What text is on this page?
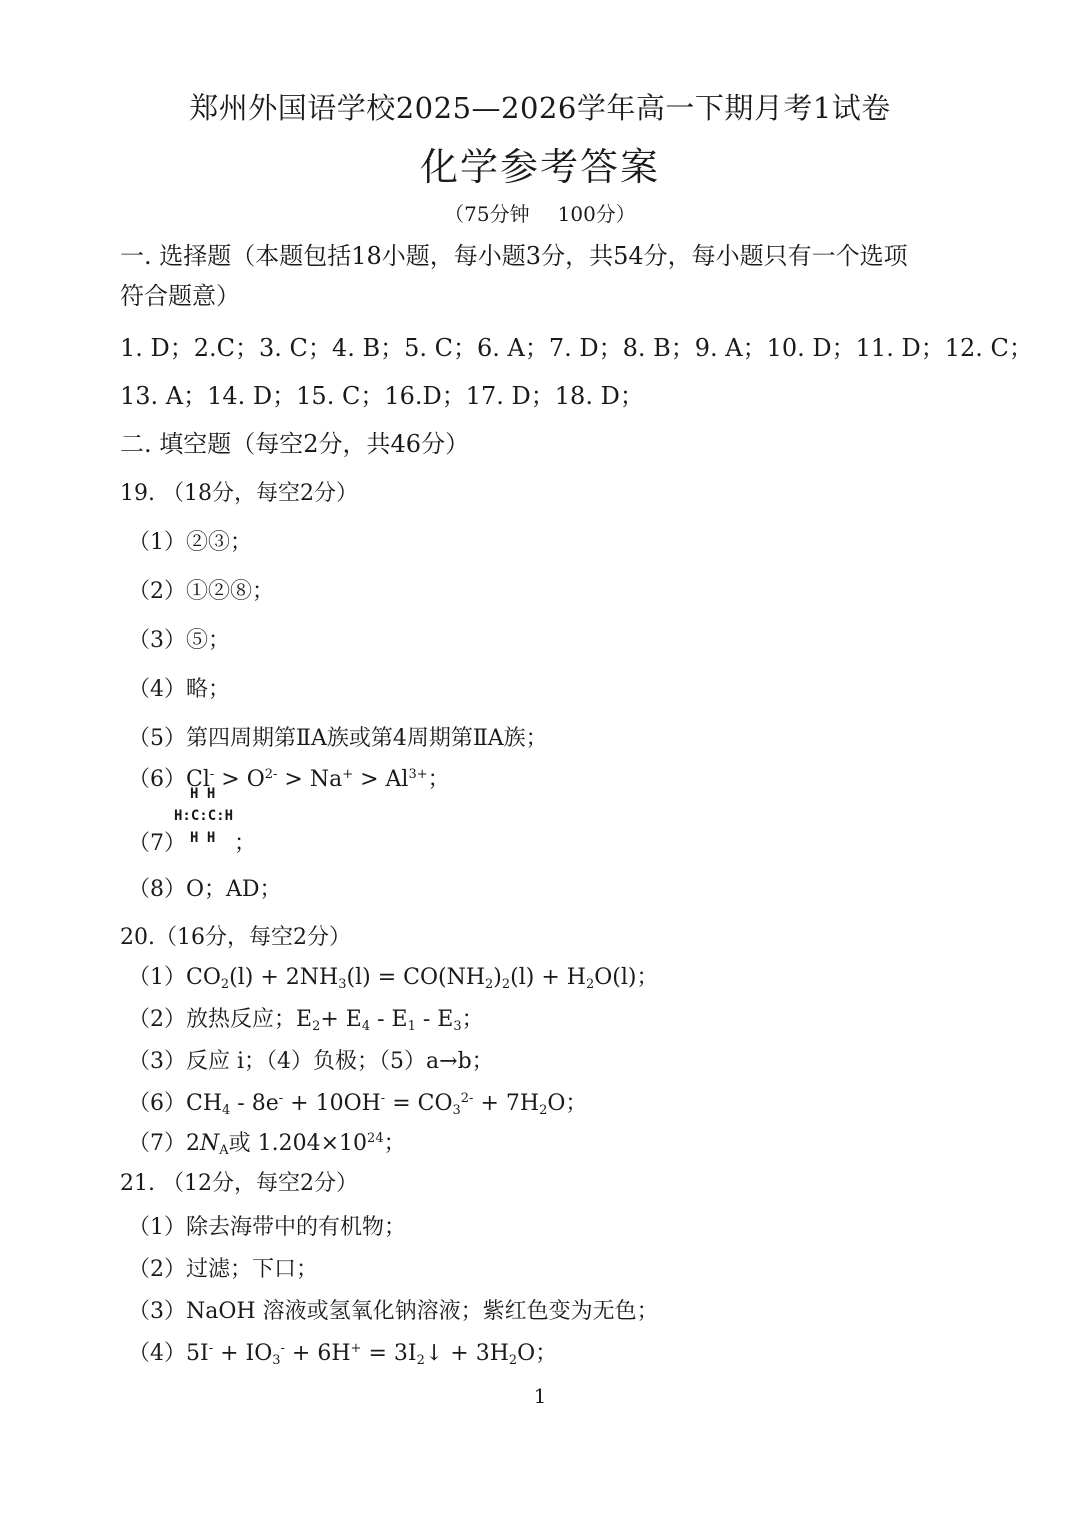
郑州外国语学校2025—2026学年高一下期月考1试卷
化学参考答案
（75分钟 100分）
一. 选择题（本题包括18小题，每小题3分，共54分，每小题只有一个选项
符合题意）
1. D；2.C；3. C；4. B；5. C；6. A；7. D；8. B；9. A；10. D；11. D；12. C；
13. A；14. D；15. C；16.D；17. D；18. D；
二. 填空题（每空2分，共46分）
19. （18分，每空2分）
（1）②③；
（2）①②⑧；
（3）⑤；
（4）略；
（5）第四周期第ⅡA族或第4周期第ⅡA族；
$(6)Cl^- > O^{2-} > Na^+ > Al^{3+}$；
（7）
H H
H:C:C:H
H H ；
（8）O；AD；
20.（16分，每空2分）
$(1)CO_2(l) + 2NH_3(l) = CO(NH_2)_2(l) + H_2O(l)$；
（2）放热反应；$E_2+ E_4 - E_1 - E_3$；
（3）反应 i；（4）负极；（5）a→b；
$(6)CH_4 - 8e^- + 10OH^- = CO_3^{2-} + 7H_2O$；
$(7)2N_A$或 $1.204\times 10^{24}$；
21. （12分，每空2分）
（1）除去海带中的有机物；
（2）过滤；下口；
（3）NaOH 溶液或氢氧化钠溶液；紫红色变为无色；
$(4)5I^- + IO_3^- + 6H^+$ = $3I_2↓ + 3H_2O$；
1
